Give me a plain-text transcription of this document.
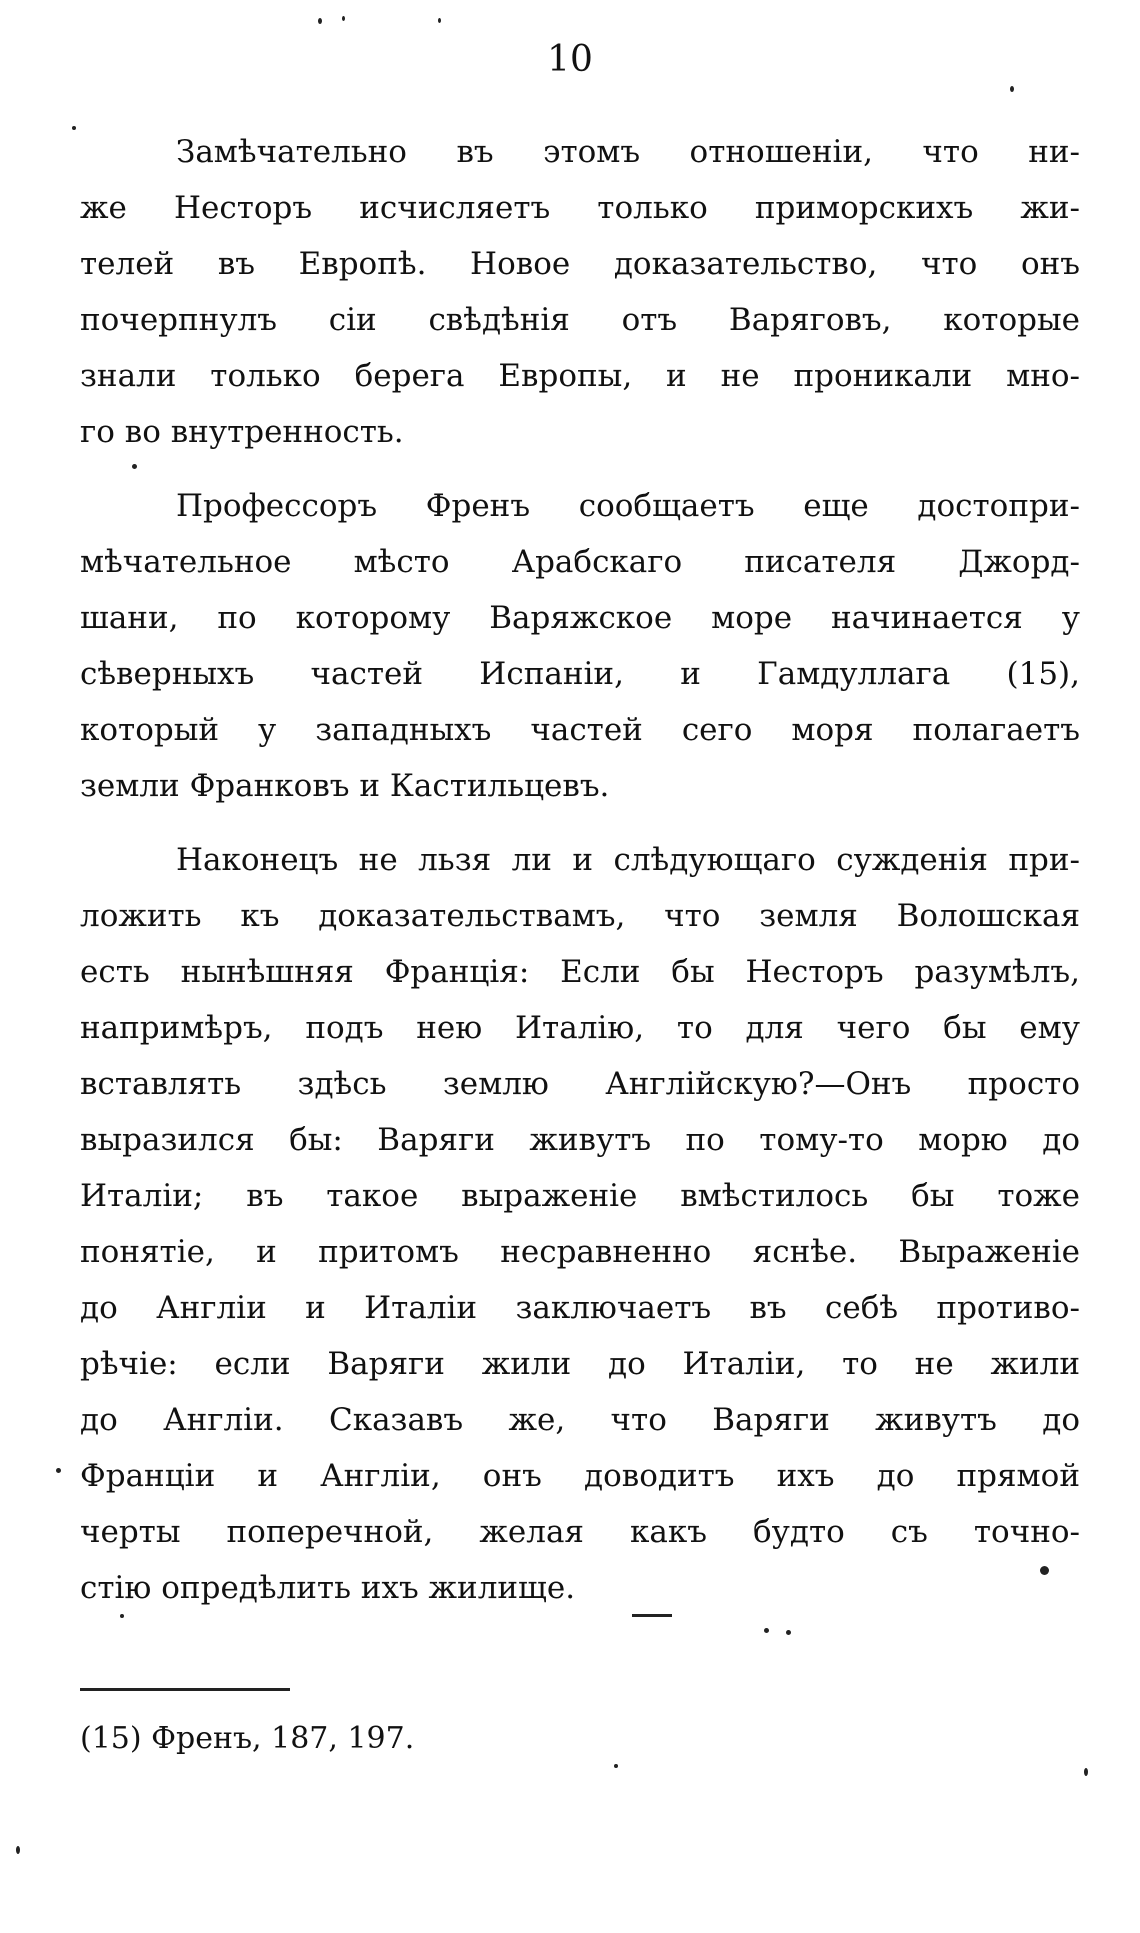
10

Замѣчательно въ этомъ отношеніи, что ни-
же Несторъ исчисляетъ только приморскихъ жи-
телей въ Европѣ. Новое доказательство, что онъ
почерпнулъ сіи свѣдѣнія отъ Варяговъ, которые
знали только берега Европы, и не проникали мно-
го во внутренность.

Профессоръ Френъ сообщаетъ еще достопри-
мѣчательное мѣсто Арабскаго писателя Джорд-
шани, по которому Варяжское море начинается у
сѣверныхъ частей Испаніи, и Гамдуллага (15),
который у западныхъ частей сего моря полагаетъ
земли Франковъ и Кастильцевъ.

Наконецъ не льзя ли и слѣдующаго сужденія при-
ложить къ доказательствамъ, что земля Волошская
есть нынѣшняя Франція: Если бы Несторъ разумѣлъ,
напримѣръ, подъ нею Италію, то для чего бы ему
вставлять здѣсь землю Англійскую?—Онъ просто
выразился бы: Варяги живутъ по тому-то морю до
Италіи; въ такое выраженіе вмѣстилось бы тоже
понятіе, и притомъ несравненно яснѣе. Выраженіе
до Англіи и Италіи заключаетъ въ себѣ противо-
рѣчіе: если Варяги жили до Италіи, то не жили
до Англіи. Сказавъ же, что Варяги живутъ до
Франціи и Англіи, онъ доводитъ ихъ до прямой
черты поперечной, желая какъ будто съ точно-
стію опредѣлить ихъ жилище.

(15) Френъ, 187, 197.
